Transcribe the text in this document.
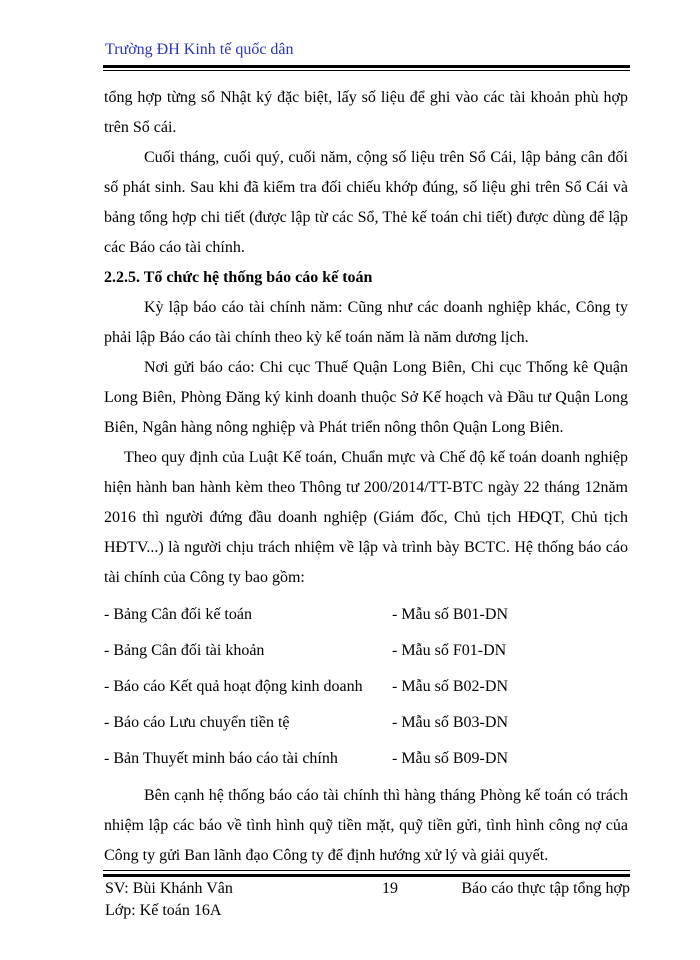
Trường ĐH Kinh tế quốc dân

tổng hợp từng sổ Nhật ký đặc biệt, lấy số liệu để ghi vào các tài khoản phù hợp trên Sổ cái.

Cuối tháng, cuối quý, cuối năm, cộng số liệu trên Sổ Cái, lập bảng cân đối số phát sinh. Sau khi đã kiểm tra đối chiếu khớp đúng, số liệu ghi trên Sổ Cái và bảng tổng hợp chi tiết (được lập từ các Sổ, Thẻ kế toán chi tiết) được dùng để lập các Báo cáo tài chính.

2.2.5. Tổ chức hệ thống báo cáo kế toán

Kỳ lập báo cáo tài chính năm: Cũng như các doanh nghiệp khác, Công ty phải lập Báo cáo tài chính theo kỳ kế toán năm là năm dương lịch.

Nơi gửi báo cáo: Chi cục Thuế Quận Long Biên, Chi cục Thống kê Quận Long Biên, Phòng Đăng ký kinh doanh thuộc Sở Kế hoạch và Đầu tư Quận Long Biên, Ngân hàng nông nghiệp và Phát triển nông thôn Quận Long Biên.

Theo quy định của Luật Kế toán, Chuẩn mực và Chế độ kế toán doanh nghiệp hiện hành ban hành kèm theo Thông tư 200/2014/TT-BTC ngày 22 tháng 12năm 2016 thì người đứng đầu doanh nghiệp (Giám đốc, Chủ tịch HĐQT, Chủ tịch HĐTV...) là người chịu trách nhiệm về lập và trình bày BCTC. Hệ thống báo cáo tài chính của Công ty bao gồm:

- Bảng Cân đối kế toán	- Mẫu số B01-DN
- Bảng Cân đối tài khoản	- Mẫu số F01-DN
- Báo cáo Kết quả hoạt động kinh doanh - Mẫu số B02-DN
- Báo cáo Lưu chuyển tiền tệ	- Mẫu số B03-DN
- Bản Thuyết minh báo cáo tài chính	- Mẫu số B09-DN

Bên cạnh hệ thống báo cáo tài chính thì hàng tháng Phòng kế toán có trách nhiệm lập các báo về tình hình quỹ tiền mặt, quỹ tiền gửi, tình hình công nợ của Công ty gửi Ban lãnh đạo Công ty để định hướng xử lý và giải quyết.

SV: Bùi Khánh Vân	19	Báo cáo thực tập tổng hợp
Lớp: Kế toán 16A
